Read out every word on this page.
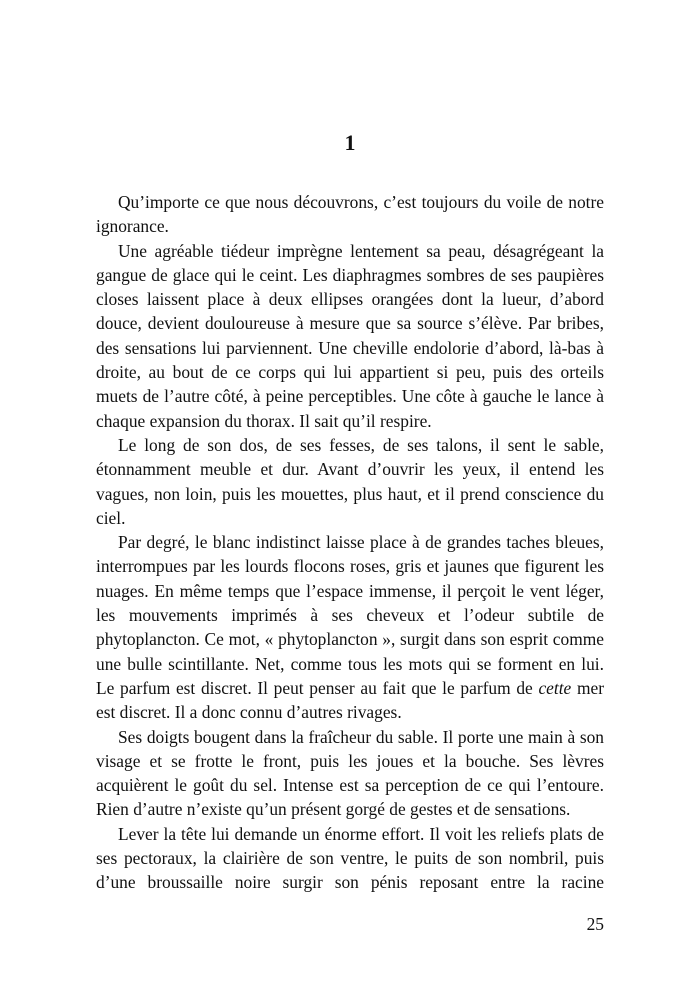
1

Qu’importe ce que nous découvrons, c’est toujours du voile de notre ignorance.

Une agréable tiédeur imprègne lentement sa peau, désagrégeant la gangue de glace qui le ceint. Les diaphragmes sombres de ses paupières closes laissent place à deux ellipses orangées dont la lueur, d’abord douce, devient douloureuse à mesure que sa source s’élève. Par bribes, des sensations lui parviennent. Une cheville endolorie d’abord, là-bas à droite, au bout de ce corps qui lui appartient si peu, puis des orteils muets de l’autre côté, à peine perceptibles. Une côte à gauche le lance à chaque expansion du thorax. Il sait qu’il respire.

Le long de son dos, de ses fesses, de ses talons, il sent le sable, étonnamment meuble et dur. Avant d’ouvrir les yeux, il entend les vagues, non loin, puis les mouettes, plus haut, et il prend conscience du ciel.

Par degré, le blanc indistinct laisse place à de grandes taches bleues, interrompues par les lourds flocons roses, gris et jaunes que figurent les nuages. En même temps que l’espace immense, il perçoit le vent léger, les mouvements imprimés à ses cheveux et l’odeur subtile de phytoplancton. Ce mot, « phytoplancton », surgit dans son esprit comme une bulle scintillante. Net, comme tous les mots qui se forment en lui. Le parfum est discret. Il peut penser au fait que le parfum de cette mer est discret. Il a donc connu d’autres rivages.

Ses doigts bougent dans la fraîcheur du sable. Il porte une main à son visage et se frotte le front, puis les joues et la bouche. Ses lèvres acquièrent le goût du sel. Intense est sa perception de ce qui l’entoure. Rien d’autre n’existe qu’un présent gorgé de gestes et de sensations.

Lever la tête lui demande un énorme effort. Il voit les reliefs plats de ses pectoraux, la clairière de son ventre, le puits de son nombril, puis d’une broussaille noire surgir son pénis reposant entre la racine

25
